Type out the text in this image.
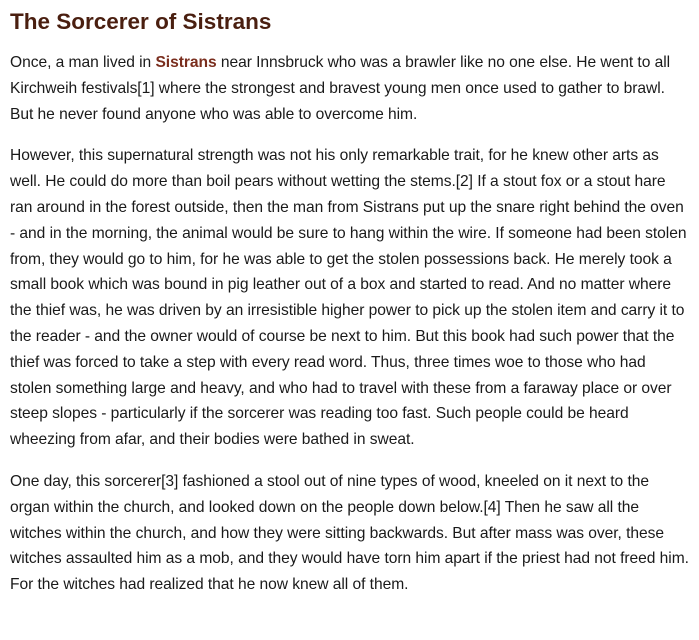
The Sorcerer of Sistrans

Once, a man lived in Sistrans near Innsbruck who was a brawler like no one else. He went to all Kirchweih festivals[1] where the strongest and bravest young men once used to gather to brawl. But he never found anyone who was able to overcome him.

However, this supernatural strength was not his only remarkable trait, for he knew other arts as well. He could do more than boil pears without wetting the stems.[2] If a stout fox or a stout hare ran around in the forest outside, then the man from Sistrans put up the snare right behind the oven - and in the morning, the animal would be sure to hang within the wire. If someone had been stolen from, they would go to him, for he was able to get the stolen possessions back. He merely took a small book which was bound in pig leather out of a box and started to read. And no matter where the thief was, he was driven by an irresistible higher power to pick up the stolen item and carry it to the reader - and the owner would of course be next to him. But this book had such power that the thief was forced to take a step with every read word. Thus, three times woe to those who had stolen something large and heavy, and who had to travel with these from a faraway place or over steep slopes - particularly if the sorcerer was reading too fast. Such people could be heard wheezing from afar, and their bodies were bathed in sweat.

One day, this sorcerer[3] fashioned a stool out of nine types of wood, kneeled on it next to the organ within the church, and looked down on the people down below.[4] Then he saw all the witches within the church, and how they were sitting backwards. But after mass was over, these witches assaulted him as a mob, and they would have torn him apart if the priest had not freed him. For the witches had realized that he now knew all of them.
